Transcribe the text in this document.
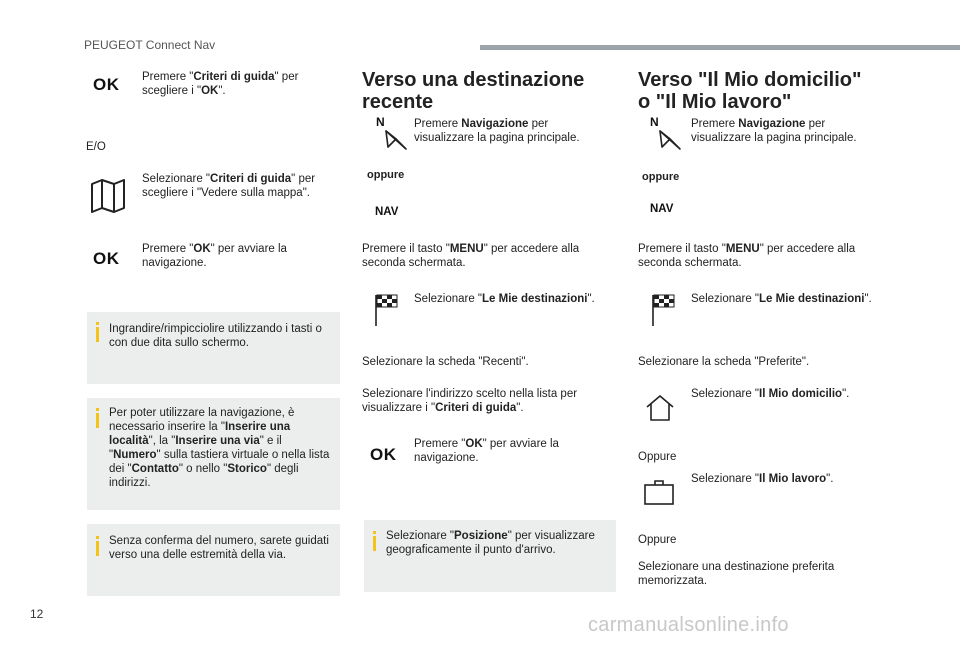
PEUGEOT Connect Nav
OK Premere "Criteri di guida" per scegliere i "OK".
E/O
Selezionare "Criteri di guida" per scegliere i "Vedere sulla mappa".
OK Premere "OK" per avviare la navigazione.
Ingrandire/rimpicciolire utilizzando i tasti o con due dita sullo schermo.
Per poter utilizzare la navigazione, è necessario inserire la "Inserire una località", la "Inserire una via" e il "Numero" sulla tastiera virtuale o nella lista dei "Contatto" o nello "Storico" degli indirizzi.
Senza conferma del numero, sarete guidati verso una delle estremità della via.
Verso una destinazione recente
N	Premere Navigazione per visualizzare la pagina principale.
oppure
NAV
Premere il tasto "MENU" per accedere alla seconda schermata.
Selezionare "Le Mie destinazioni".
Selezionare la scheda "Recenti".
Selezionare l'indirizzo scelto nella lista per visualizzare i "Criteri di guida".
OK
Premere "OK" per avviare la navigazione.
Selezionare "Posizione" per visualizzare geograficamente il punto d'arrivo.
Verso "Il Mio domicilio" o "Il Mio lavoro"
N	Premere Navigazione per visualizzare la pagina principale.
oppure
NAV
Premere il tasto "MENU" per accedere alla seconda schermata.
Selezionare "Le Mie destinazioni".
Selezionare la scheda "Preferite".
Selezionare "Il Mio domicilio".
Oppure
Selezionare "Il Mio lavoro".
Oppure
Selezionare una destinazione preferita memorizzata.
12	carmanualsonline.info
